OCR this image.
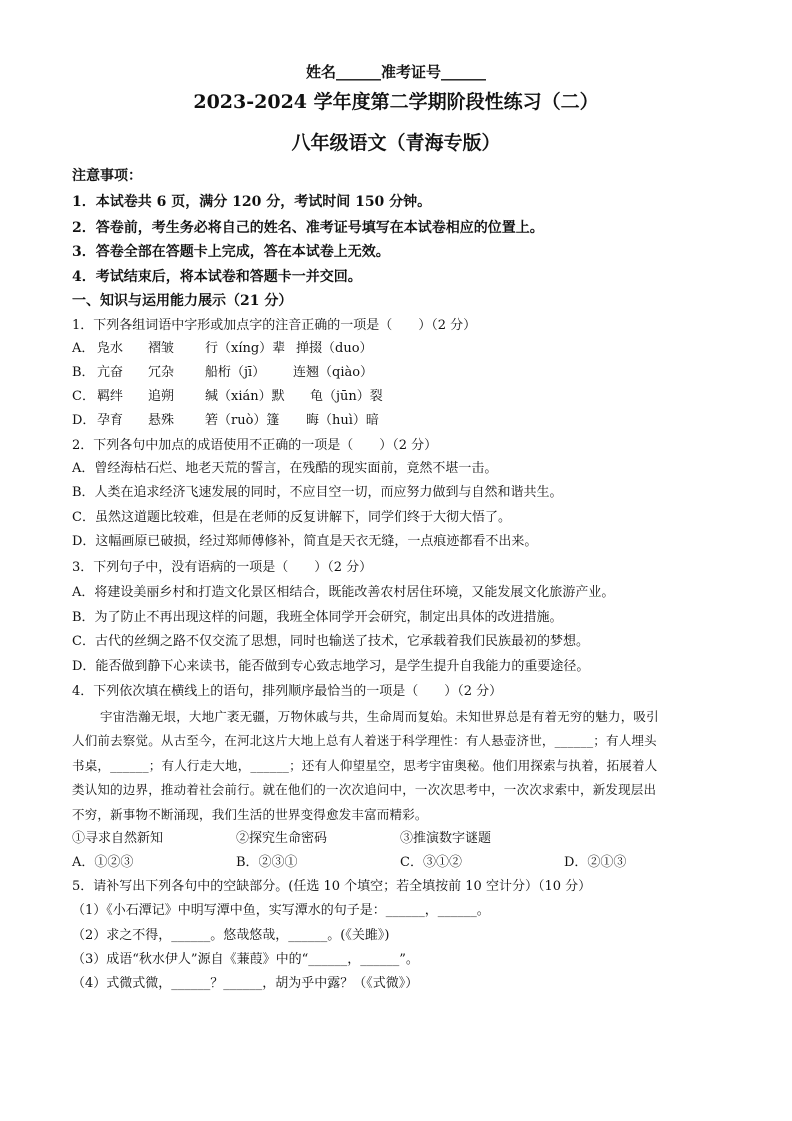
姓名______准考证号______
2023-2024 学年度第二学期阶段性练习（二）
八年级语文（青海专版）
注意事项：
1．本试卷共 6 页，满分 120 分，考试时间 150 分钟。
2．答卷前，考生务必将自己的姓名、准考证号填写在本试卷相应的位置上。
3．答卷全部在答题卡上完成，答在本试卷上无效。
4．考试结束后，将本试卷和答题卡一并交回。
一、知识与运用能力展示（21 分）
1．下列各组词语中字形或加点字的注音正确的一项是（　　）（2 分）
A． 凫水 褶皱 行（xíng）辈 掸掇（duo）
B． 亢奋 冗杂 船桁（jī） 连翘（qiào）
C． 羁绊 追朔 缄（xián）默 龟（jūn）裂
D． 孕育 悬殊 箬（ruò）篷 晦（huì）暗
2．下列各句中加点的成语使用不正确的一项是（　　）（2 分）
A．曾经海枯石烂、地老天荒的誓言，在残酷的现实面前，竟然不堪一击。
B．人类在追求经济飞速发展的同时，不应目空一切，而应努力做到与自然和谐共生。
C．虽然这道题比较难，但是在老师的反复讲解下，同学们终于大彻大悟了。
D．这幅画原已破损，经过郑师傅修补，简直是天衣无缝，一点痕迹都看不出来。
3．下列句子中，没有语病的一项是（　　）（2 分）
A．将建设美丽乡村和打造文化景区相结合，既能改善农村居住环境，又能发展文化旅游产业。
B．为了防止不再出现这样的问题，我班全体同学开会研究，制定出具体的改进措施。
C．古代的丝绸之路不仅交流了思想，同时也输送了技术，它承载着我们民族最初的梦想。
D．能否做到静下心来读书，能否做到专心致志地学习，是学生提升自我能力的重要途径。
4．下列依次填在横线上的语句，排列顺序最恰当的一项是（　　）（2 分）
宇宙浩瀚无垠，大地广袤无疆，万物休戚与共，生命周而复始。未知世界总是有着无穷的魅力，吸引
人们前去察觉。从古至今，在河北这片大地上总有人着迷于科学理性：有人悬壶济世，______；有人埋头
书桌，______；有人行走大地，______；还有人仰望星空，思考宇宙奥秘。他们用探索与执着，拓展着人
类认知的边界，推动着社会前行。就在他们的一次次追问中，一次次思考中，一次次求索中，新发现层出
不穷，新事物不断涌现，我们生活的世界变得愈发丰富而精彩。
①寻求自然新知	②探究生命密码	③推演数字谜题
A．①②③	B．②③①	C．③①②	D．②①③
5．请补写出下列各句中的空缺部分。(任选 10 个填空；若全填按前 10 空计分）（10 分）
（1）《小石潭记》中明写潭中鱼，实写潭水的句子是：______，______。
（2）求之不得，______。悠哉悠哉，______。(《关雎》)
（3）成语“秋水伊人”源自《蒹葭》中的“______，______”。
（4）式微式微，______？______，胡为乎中露？（《式微》）
